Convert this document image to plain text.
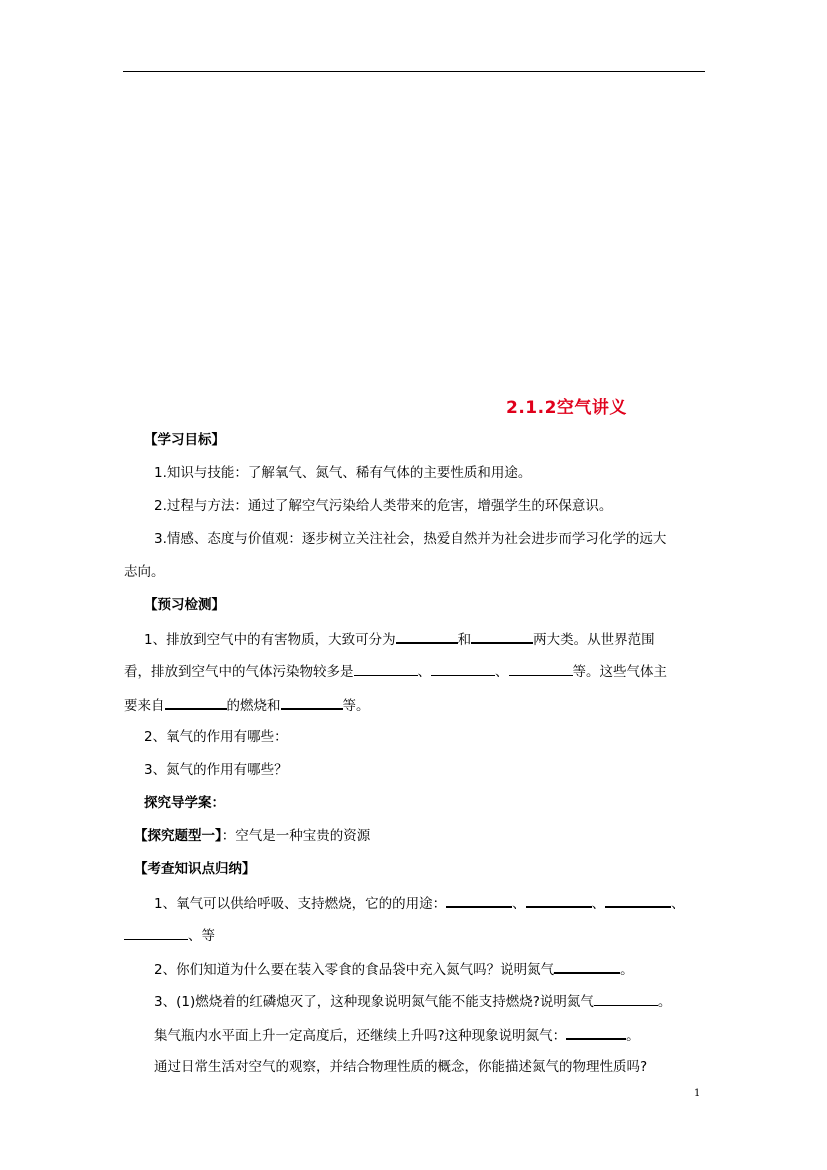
2.1.2空气讲义
【学习目标】
1.知识与技能：了解氧气、氮气、稀有气体的主要性质和用途。
2.过程与方法：通过了解空气污染给人类带来的危害，增强学生的环保意识。
3.情感、态度与价值观：逐步树立关注社会，热爱自然并为社会进步而学习化学的远大
志向。
【预习检测】
1、排放到空气中的有害物质，大致可分为	和	两大类。从世界范围
看，排放到空气中的气体污染物较多是	、	、	等。这些气体主
要来自	的燃烧和	等。
2、氧气的作用有哪些：
3、氮气的作用有哪些？
探究导学案：
【探究题型一】：空气是一种宝贵的资源
【考查知识点归纳】
1、氧气可以供给呼吸、支持燃烧，它的的用途：	、	、	、
、等
2、你们知道为什么要在装入零食的食品袋中充入氮气吗？说明氮气	。
3、(1)燃烧着的红磷熄灭了，这种现象说明氮气能不能支持燃烧?说明氮气	。
集气瓶内水平面上升一定高度后，还继续上升吗?这种现象说明氮气：	。
通过日常生活对空气的观察，并结合物理性质的概念，你能描述氮气的物理性质吗?
1
